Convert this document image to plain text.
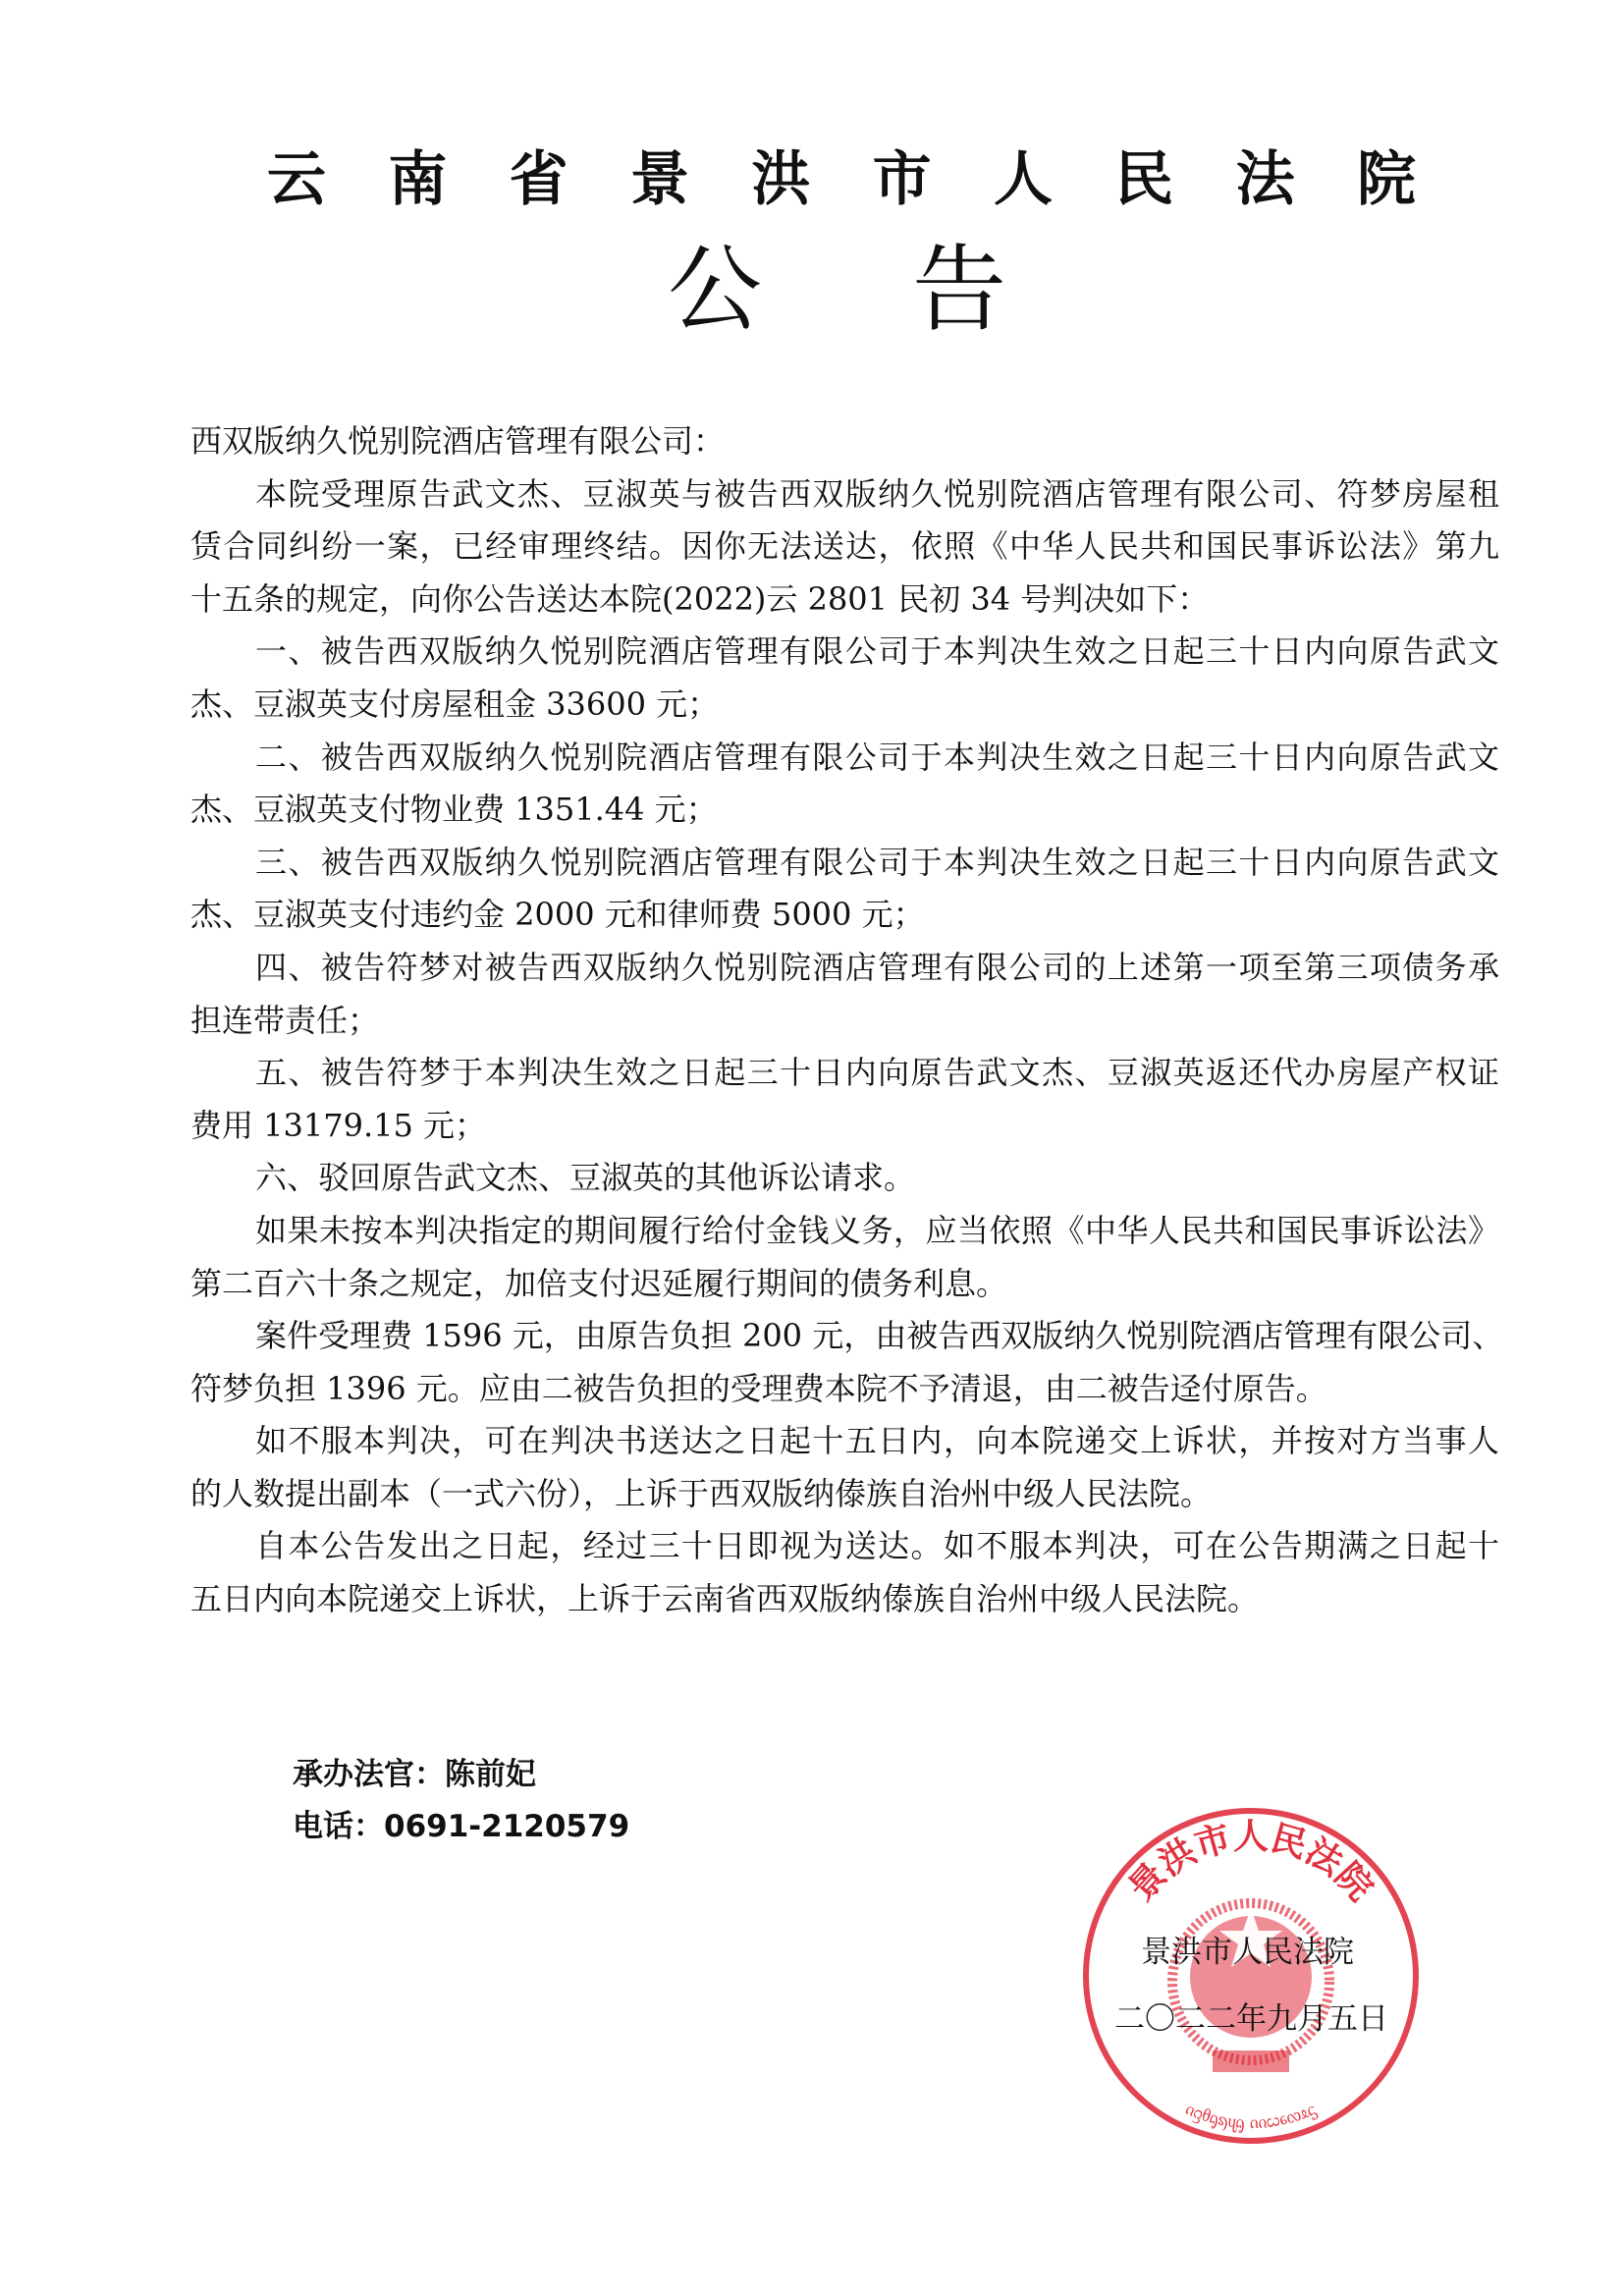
云 南 省 景 洪 市 人 民 法 院
公 告
西双版纳久悦别院酒店管理有限公司：
本院受理原告武文杰、豆淑英与被告西双版纳久悦别院酒店管理有限公司、符梦房屋租
赁合同纠纷一案，已经审理终结。因你无法送达，依照《中华人民共和国民事诉讼法》第九
十五条的规定，向你公告送达本院(2022)云 2801 民初 34 号判决如下：
一、被告西双版纳久悦别院酒店管理有限公司于本判决生效之日起三十日内向原告武文
杰、豆淑英支付房屋租金 33600 元；
二、被告西双版纳久悦别院酒店管理有限公司于本判决生效之日起三十日内向原告武文
杰、豆淑英支付物业费 1351.44 元；
三、被告西双版纳久悦别院酒店管理有限公司于本判决生效之日起三十日内向原告武文
杰、豆淑英支付违约金 2000 元和律师费 5000 元；
四、被告符梦对被告西双版纳久悦别院酒店管理有限公司的上述第一项至第三项债务承
担连带责任；
五、被告符梦于本判决生效之日起三十日内向原告武文杰、豆淑英返还代办房屋产权证
费用 13179.15 元；
六、驳回原告武文杰、豆淑英的其他诉讼请求。
如果未按本判决指定的期间履行给付金钱义务，应当依照《中华人民共和国民事诉讼法》
第二百六十条之规定，加倍支付迟延履行期间的债务利息。
案件受理费 1596 元，由原告负担 200 元，由被告西双版纳久悦别院酒店管理有限公司、
符梦负担 1396 元。应由二被告负担的受理费本院不予清退，由二被告迳付原告。
如不服本判决，可在判决书送达之日起十五日内，向本院递交上诉状，并按对方当事人
的人数提出副本（一式六份），上诉于西双版纳傣族自治州中级人民法院。
自本公告发出之日起，经过三十日即视为送达。如不服本判决，可在公告期满之日起十
五日内向本院递交上诉状，上诉于云南省西双版纳傣族自治州中级人民法院。
承办法官：陈前妃
电话：0691-2120579
景洪市人民法院
ᦵᦋᦲᧂᦣᦴᧂ ᦶᦍᧈᦟᦸᧃ
景洪市人民法院
二〇二二年九月五日
